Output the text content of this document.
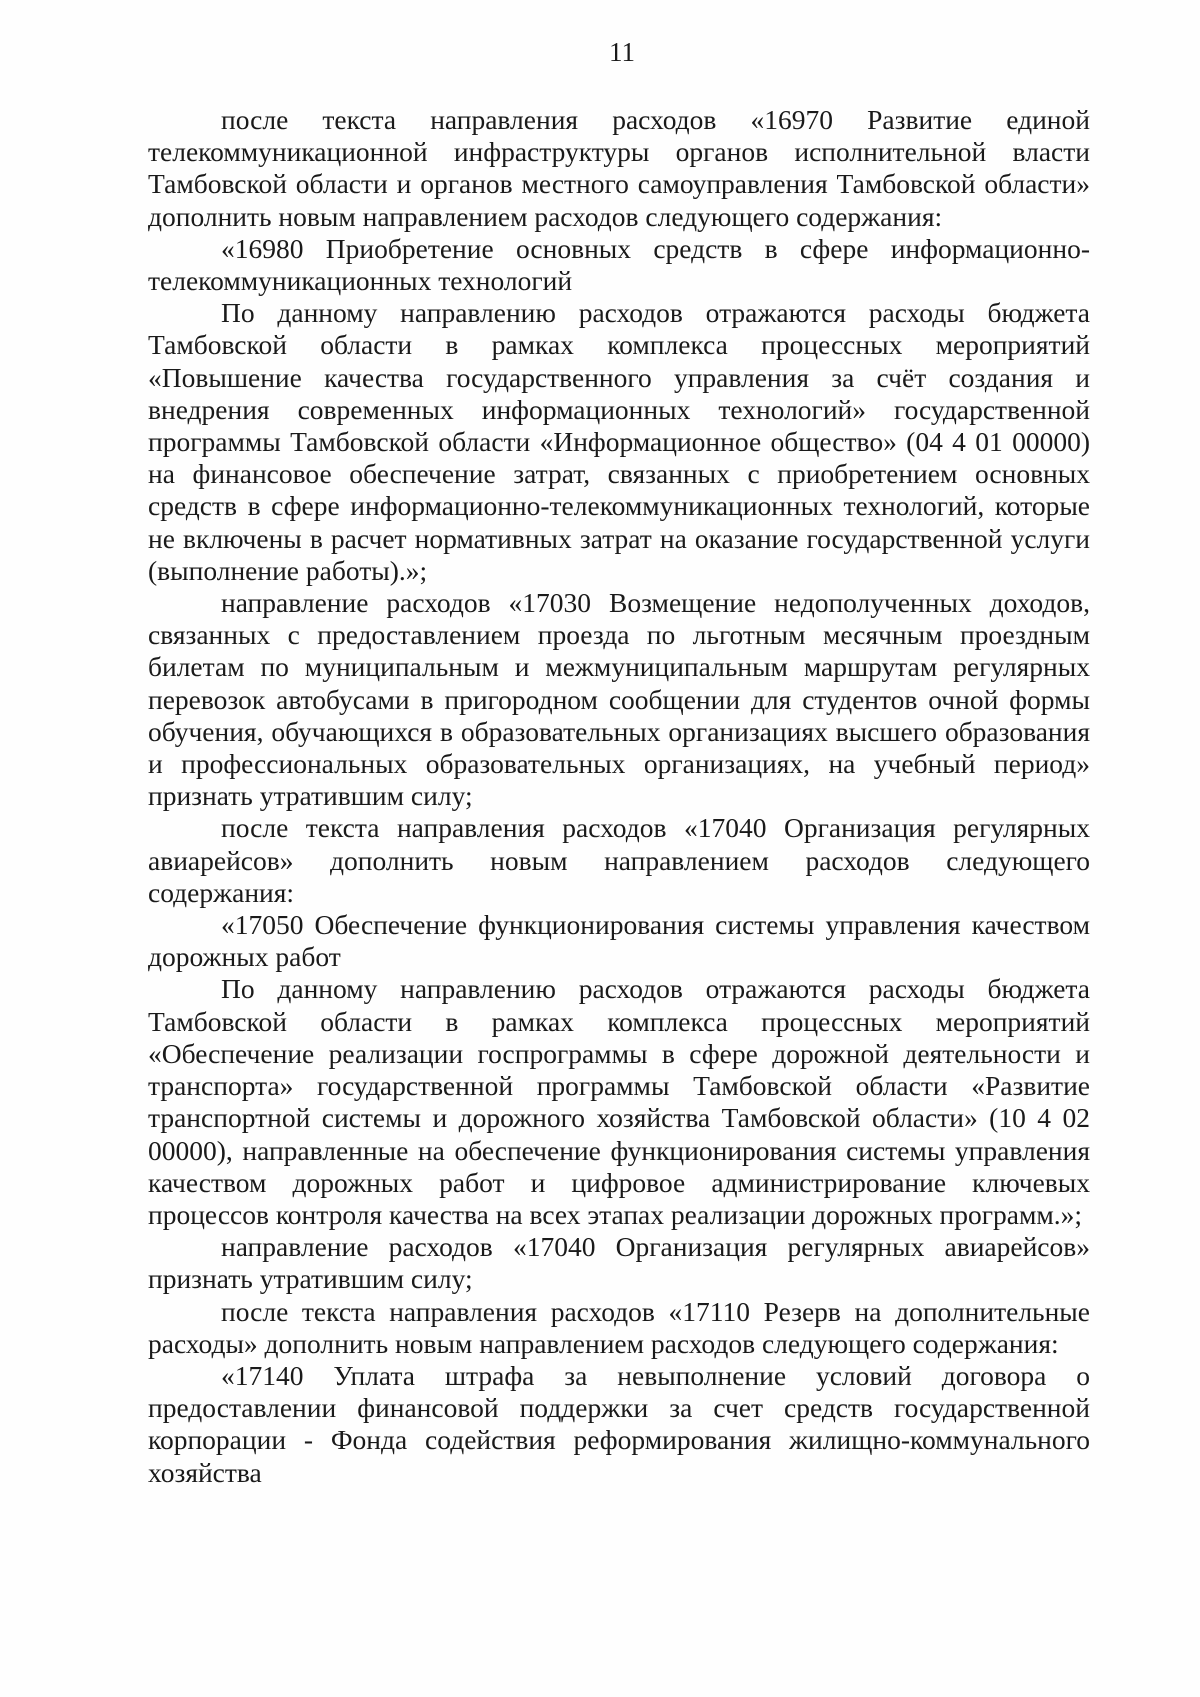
11

после текста направления расходов «16970 Развитие единой телекоммуникационной инфраструктуры органов исполнительной власти Тамбовской области и органов местного самоуправления Тамбовской области» дополнить новым направлением расходов следующего содержания:

«16980 Приобретение основных средств в сфере информационно-телекоммуникационных технологий

По данному направлению расходов отражаются расходы бюджета Тамбовской области в рамках комплекса процессных мероприятий «Повышение качества государственного управления за счёт создания и внедрения современных информационных технологий» государственной программы Тамбовской области «Информационное общество» (04 4 01 00000) на финансовое обеспечение затрат, связанных с приобретением основных средств в сфере информационно-телекоммуникационных технологий, которые не включены в расчет нормативных затрат на оказание государственной услуги (выполнение работы).»;

направление расходов «17030 Возмещение недополученных доходов, связанных с предоставлением проезда по льготным месячным проездным билетам по муниципальным и межмуниципальным маршрутам регулярных перевозок автобусами в пригородном сообщении для студентов очной формы обучения, обучающихся в образовательных организациях высшего образования и профессиональных образовательных организациях, на учебный период» признать утратившим силу;

после текста направления расходов «17040 Организация регулярных авиарейсов» дополнить новым направлением расходов следующего содержания:

«17050 Обеспечение функционирования системы управления качеством дорожных работ

По данному направлению расходов отражаются расходы бюджета Тамбовской области в рамках комплекса процессных мероприятий «Обеспечение реализации госпрограммы в сфере дорожной деятельности и транспорта» государственной программы Тамбовской области «Развитие транспортной системы и дорожного хозяйства Тамбовской области» (10 4 02 00000), направленные на обеспечение функционирования системы управления качеством дорожных работ и цифровое администрирование ключевых процессов контроля качества на всех этапах реализации дорожных программ.»;

направление расходов «17040 Организация регулярных авиарейсов» признать утратившим силу;

после текста направления расходов «17110 Резерв на дополнительные расходы» дополнить новым направлением расходов следующего содержания:

«17140 Уплата штрафа за невыполнение условий договора о предоставлении финансовой поддержки за счет средств государственной корпорации - Фонда содействия реформирования жилищно-коммунального хозяйства
